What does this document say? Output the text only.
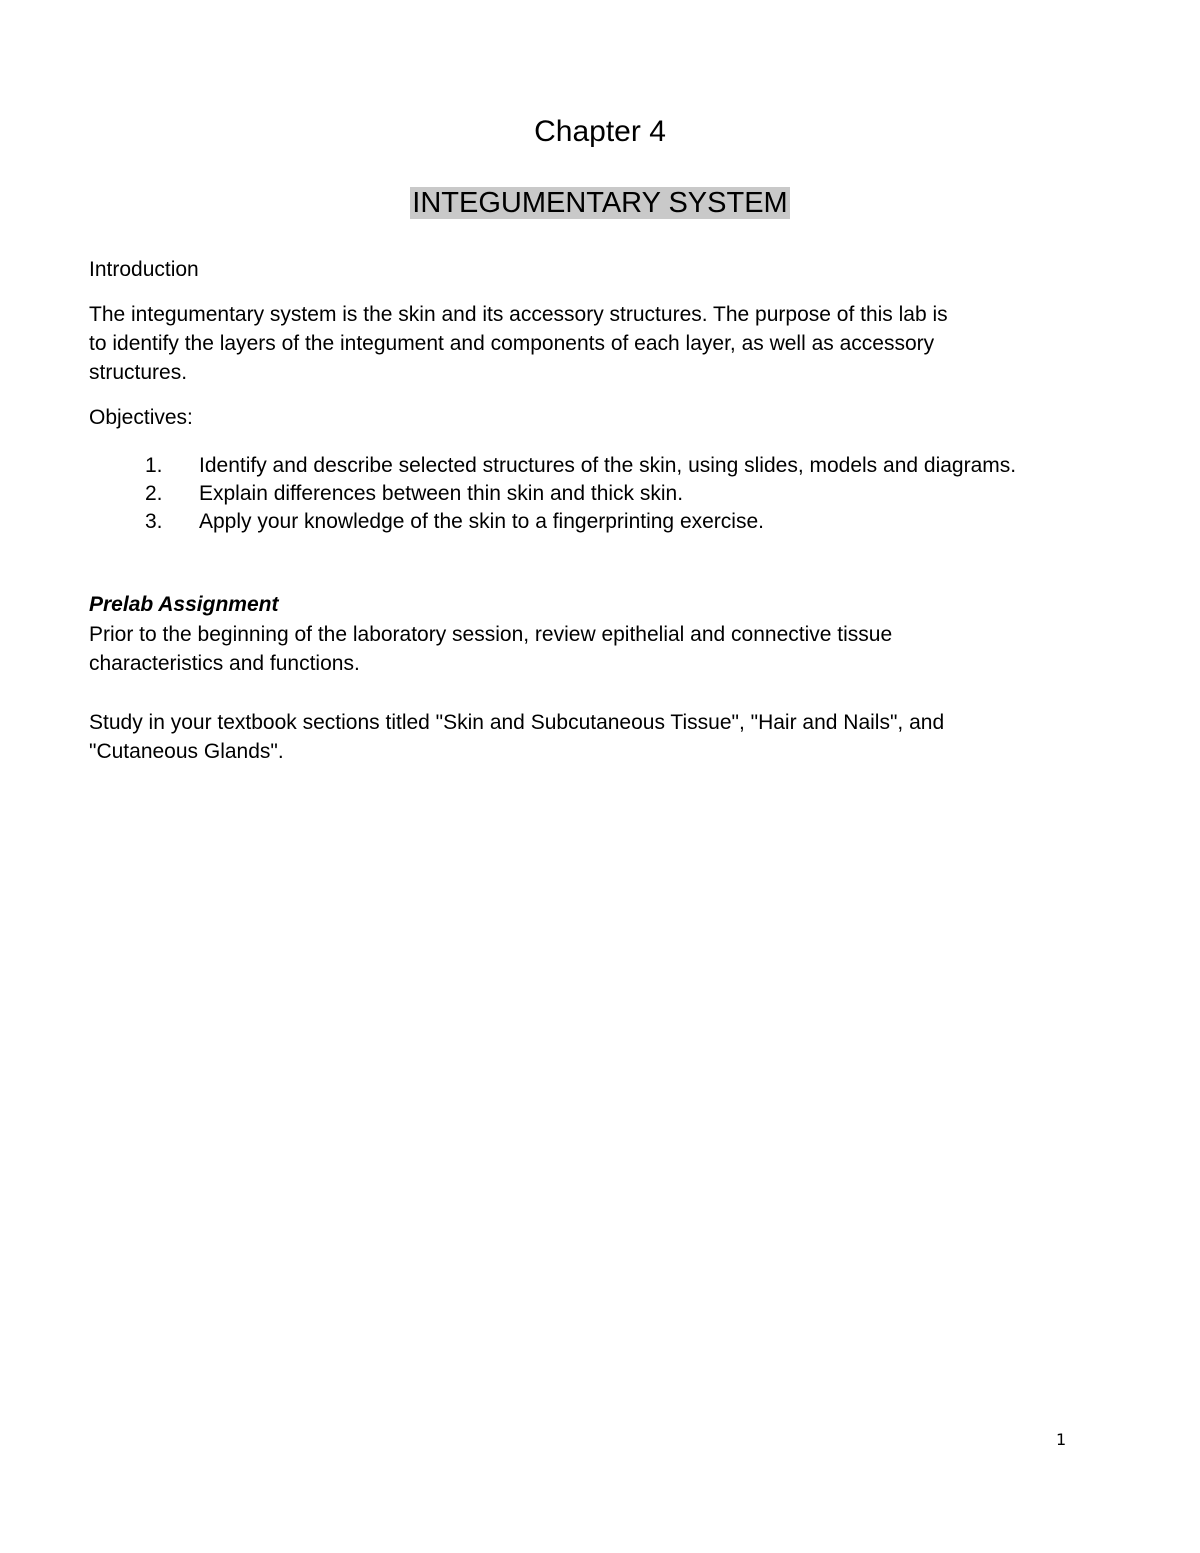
Chapter 4
INTEGUMENTARY SYSTEM
Introduction
The integumentary system is the skin and its accessory structures. The purpose of this lab is
to identify the layers of the integument and components of each layer, as well as accessory
structures.
Objectives:
1. Identify and describe selected structures of the skin, using slides, models and diagrams.
2. Explain differences between thin skin and thick skin.
3. Apply your knowledge of the skin to a fingerprinting exercise.
Prelab Assignment
Prior to the beginning of the laboratory session, review epithelial and connective tissue
characteristics and functions.
Study in your textbook sections titled "Skin and Subcutaneous Tissue", "Hair and Nails", and
"Cutaneous Glands".
1
